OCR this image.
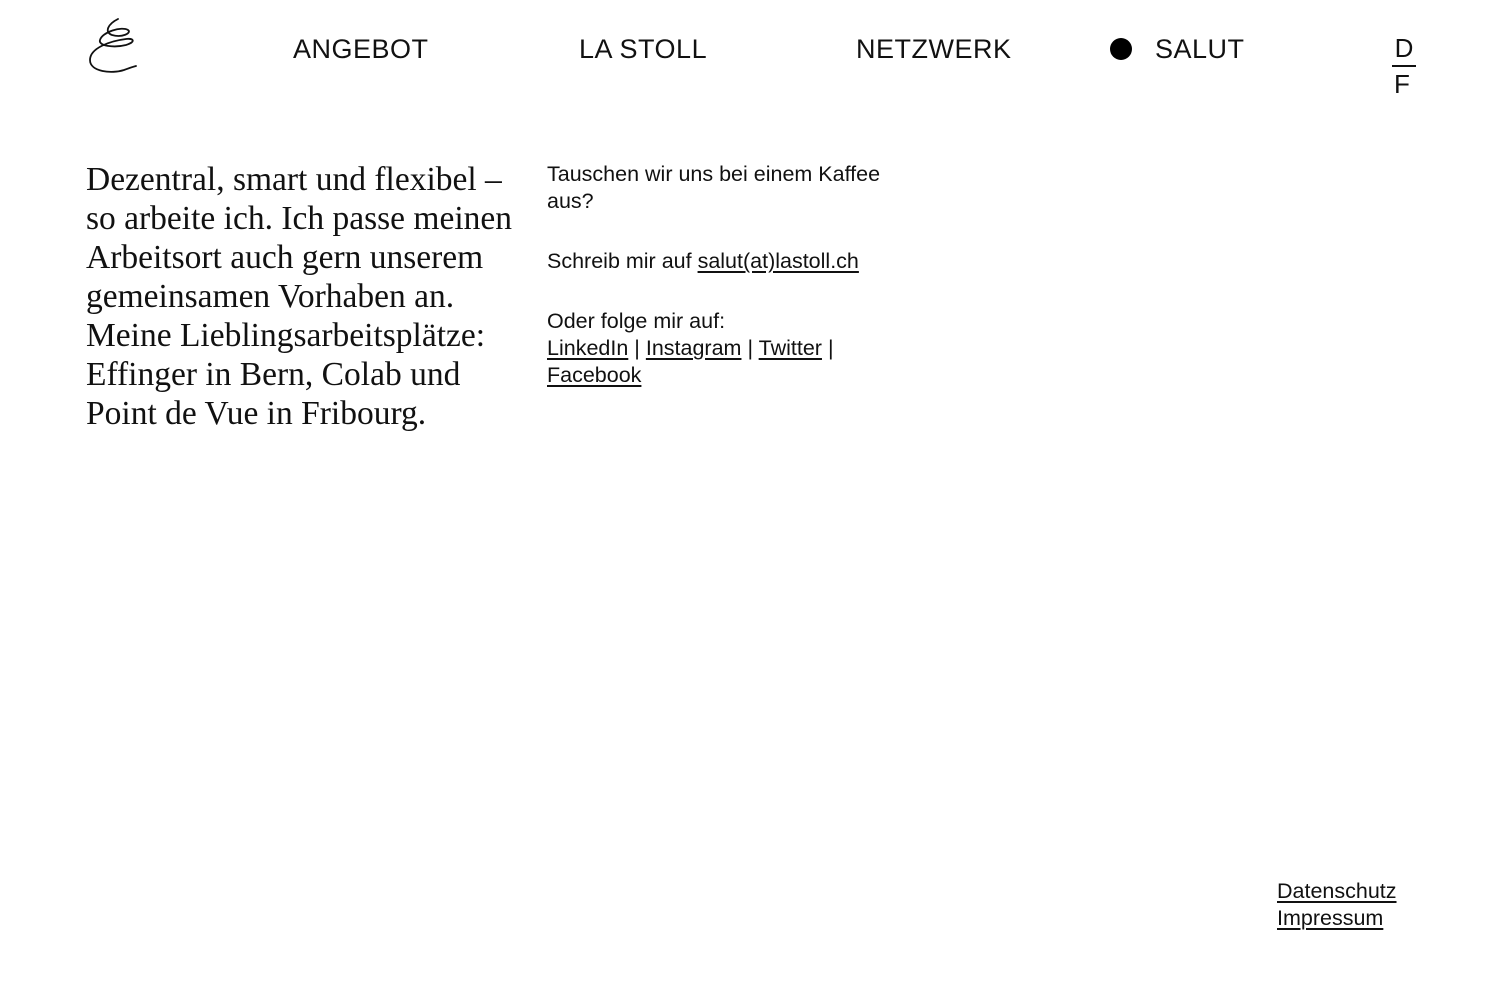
ANGEBOT	LA STOLL	NETZWERK	SALUT	D
F

Dezentral, smart und flexibel – so arbeite ich. Ich passe meinen Arbeitsort auch gern unserem gemeinsamen Vorhaben an. Meine Lieblingsarbeitsplätze: Effinger in Bern, Colab und Point de Vue in Fribourg.

Tauschen wir uns bei einem Kaffee aus?

Schreib mir auf salut(at)lastoll.ch

Oder folge mir auf:
LinkedIn | Instagram | Twitter |
Facebook

Datenschutz
Impressum
